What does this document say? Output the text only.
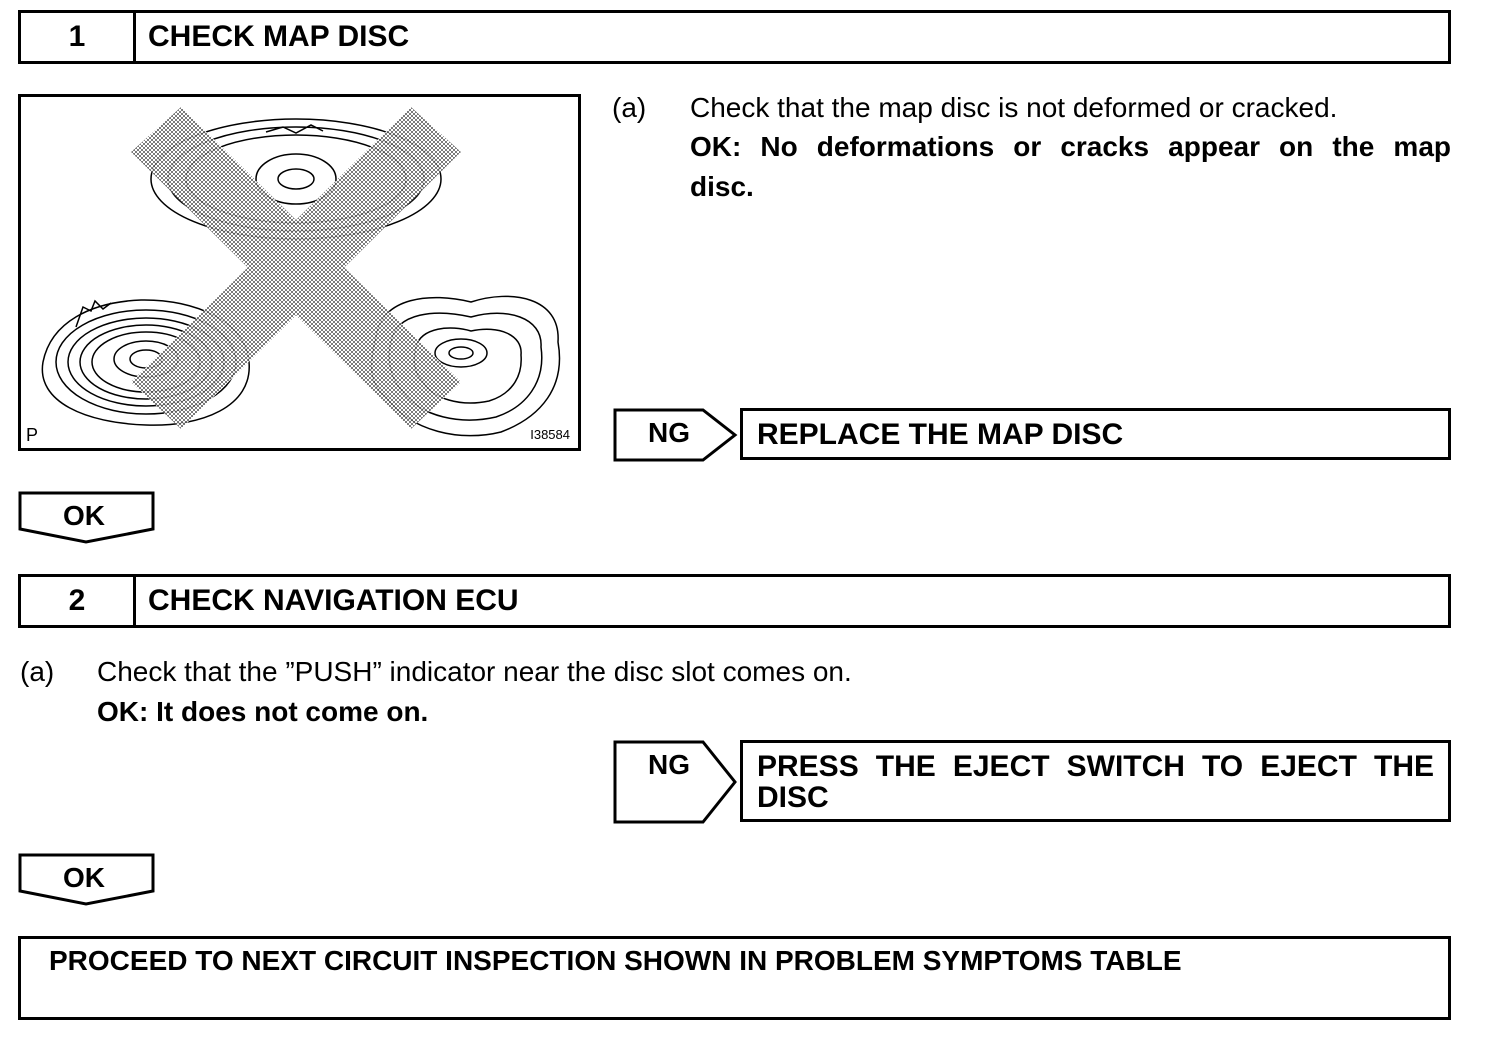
1	CHECK MAP DISC
P	I38584
(a) Check that the map disc is not deformed or cracked.
OK: No deformations or cracks appear on the map
disc.
NG	REPLACE THE MAP DISC
OK
2	CHECK NAVIGATION ECU
(a) Check that the ”PUSH” indicator near the disc slot comes on.
OK: It does not come on.
NG PRESS THE EJECT SWITCH TO EJECT THE
DISC
OK
PROCEED TO NEXT CIRCUIT INSPECTION SHOWN IN PROBLEM SYMPTOMS TABLE
